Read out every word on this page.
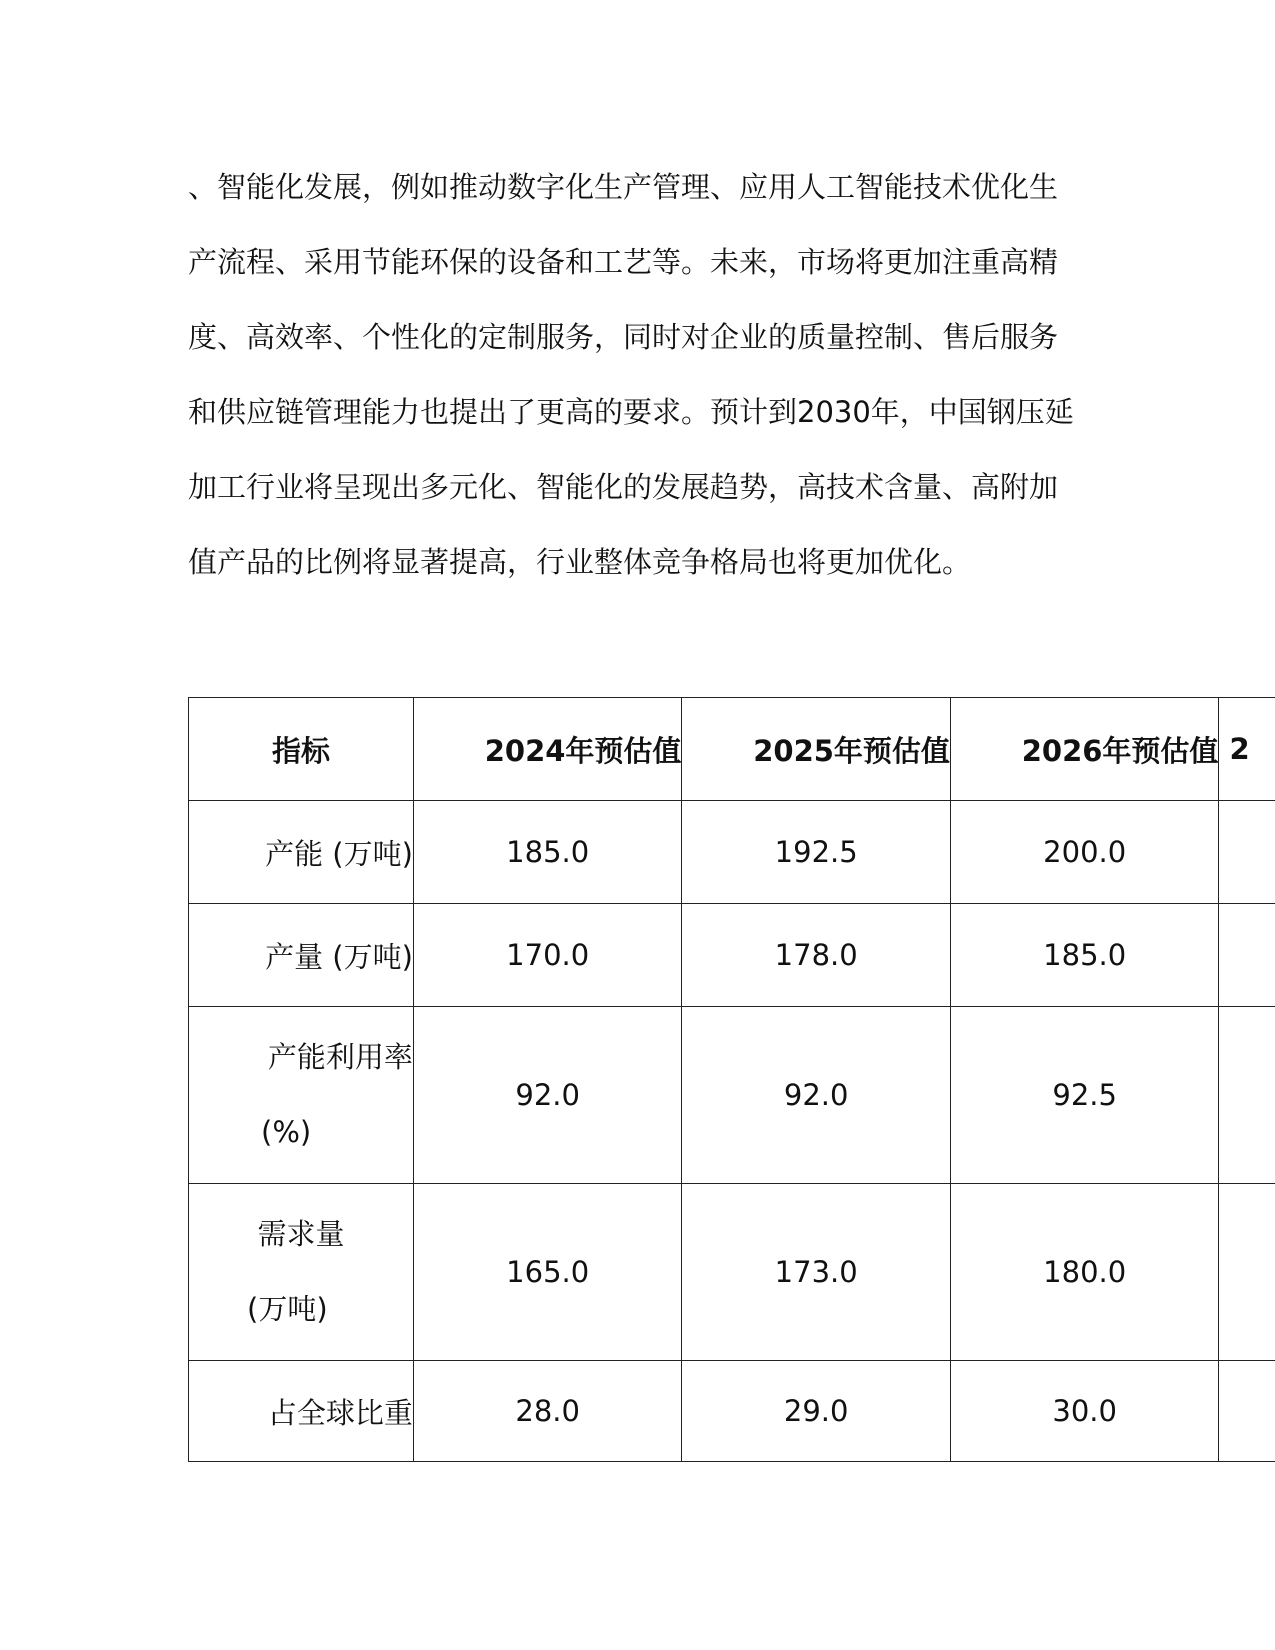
、智能化发展，例如推动数字化生产管理、应用人工智能技术优化生
产流程、采用节能环保的设备和工艺等。未来，市场将更加注重高精
度、高效率、个性化的定制服务，同时对企业的质量控制、售后服务
和供应链管理能力也提出了更高的要求。预计到2030年，中国钢压延
加工行业将呈现出多元化、智能化的发展趋势，高技术含量、高附加
值产品的比例将显著提高，行业整体竞争格局也将更加优化。
指标	2024年预估值	2025年预估值	2026年预估值	2
产能 (万吨)	185.0	192.5	200.0	
产量 (万吨)	170.0	178.0	185.0	

产能利用率
(%)	92.0	92.0	92.5	

需求量
(万吨)	165.0	173.0	180.0	
占全球比重	28.0	29.0	30.0	
